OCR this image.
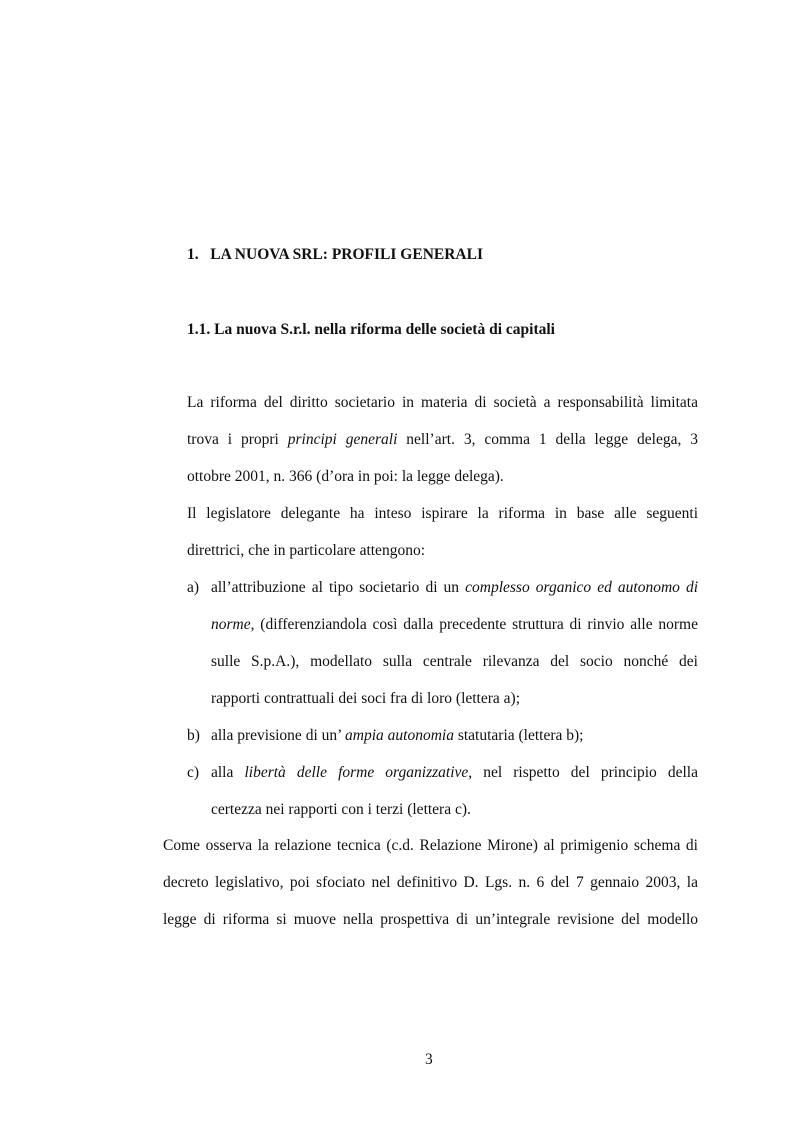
1. LA NUOVA SRL: PROFILI GENERALI
1.1. La nuova S.r.l. nella riforma delle società di capitali
La riforma del diritto societario in materia di società a responsabilità limitata
trova i propri principi generali nell’art. 3, comma 1 della legge delega, 3
ottobre 2001, n. 366 (d’ora in poi: la legge delega).
Il legislatore delegante ha inteso ispirare la riforma in base alle seguenti
direttrici, che in particolare attengono:
a) all’attribuzione al tipo societario di un complesso organico ed autonomo di
norme, (differenziandola così dalla precedente struttura di rinvio alle norme
sulle S.p.A.), modellato sulla centrale rilevanza del socio nonché dei
rapporti contrattuali dei soci fra di loro (lettera a);
b) alla previsione di un’ ampia autonomia statutaria (lettera b);
c) alla libertà delle forme organizzative, nel rispetto del principio della
certezza nei rapporti con i terzi (lettera c).
Come osserva la relazione tecnica (c.d. Relazione Mirone) al primigenio schema di
decreto legislativo, poi sfociato nel definitivo D. Lgs. n. 6 del 7 gennaio 2003, la
legge di riforma si muove nella prospettiva di un’integrale revisione del modello
3
